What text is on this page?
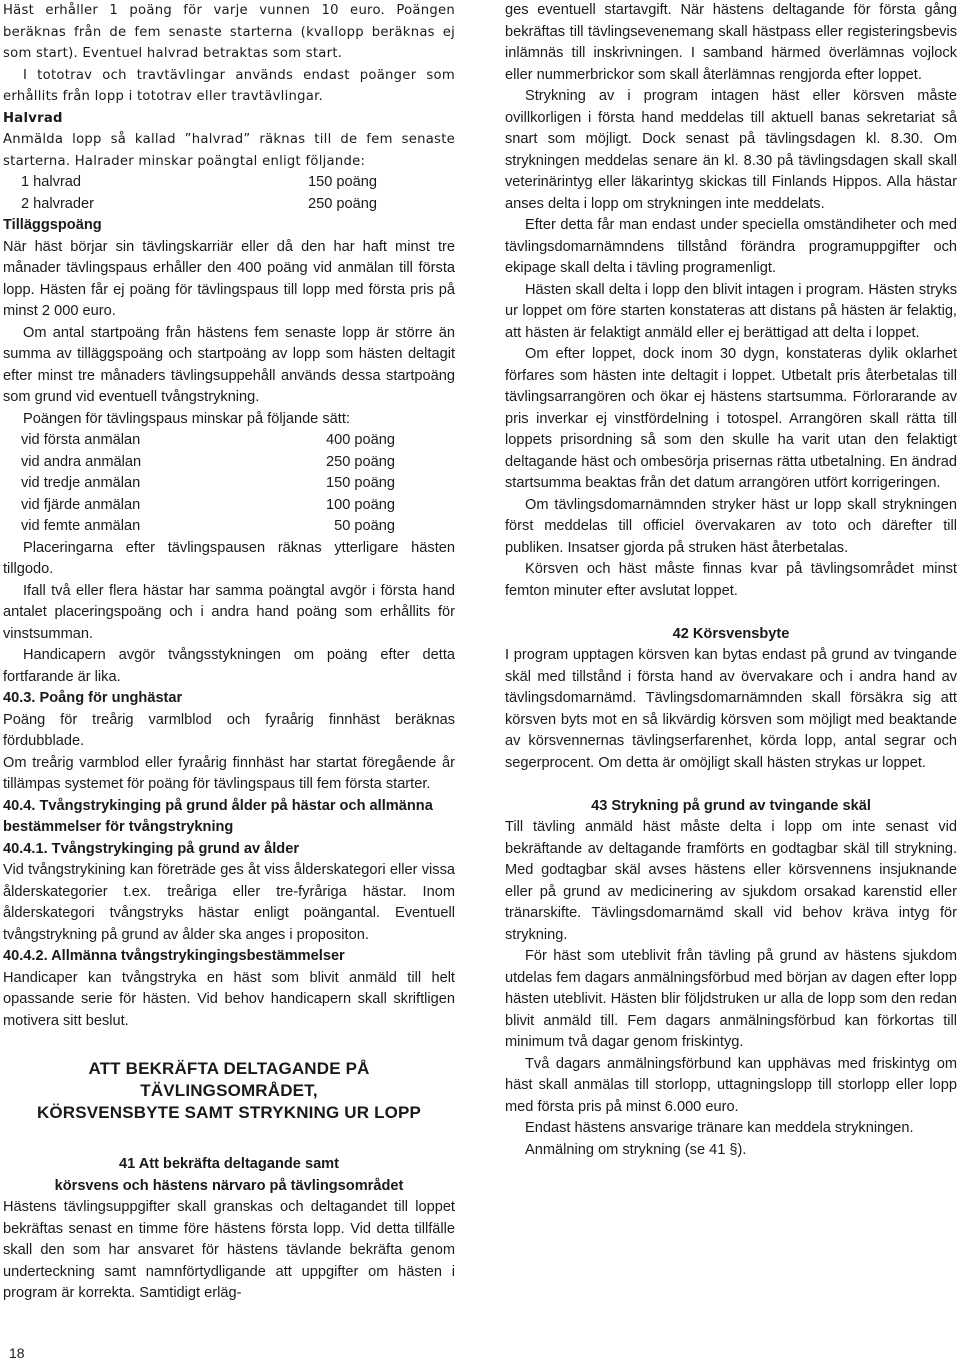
Häst erhåller 1 poäng för varje vunnen 10 euro. Poängen beräknas från de fem senaste starterna (kvallopp beräknas ej som start). Eventuel halvrad betraktas som start.

I tototrav och travtävlingar används endast poänger som erhållits från lopp i tototrav eller travtävlingar.

Halvrad

Anmälda lopp så kallad ”halvrad” räknas till de fem senaste starterna. Halrader minskar poängtal enligt följande:

1 halvrad	150 poäng
2 halvrader	250 poäng

Tilläggspoäng

När häst börjar sin tävlingskarriär eller då den har haft minst tre månader tävlingspaus erhåller den 400 poäng vid anmälan till första lopp. Hästen får ej poäng för tävlingspaus till lopp med första pris på minst 2 000 euro.

Om antal startpoäng från hästens fem senaste lopp är större än summa av tilläggspoäng och startpoäng av lopp som hästen deltagit efter minst tre månaders tävlingsuppehåll används dessa startpoäng som grund vid eventuell tvångstrykning.

Poängen för tävlingspaus minskar på följande sätt:

vid första anmälan	400 poäng
vid andra anmälan	250 poäng
vid tredje anmälan	150 poäng
vid fjärde anmälan	100 poäng
vid femte anmälan	50 poäng

Placeringarna efter tävlingspausen räknas ytterligare hästen tillgodo.

Ifall två eller flera hästar har samma poängtal avgör i första hand antalet placeringspoäng och i andra hand poäng som erhållits för vinstsumman.

Handicapern avgör tvångsstykningen om poäng efter detta fortfarande är lika.

40.3. Poång för unghästar

Poäng för treårig varmlblod och fyraårig finnhäst beräknas fördubblade.

Om treårig varmblod eller fyraårig finnhäst har startat föregående år tillämpas systemet för poäng för tävlingspaus till fem första starter.

40.4. Tvångstrykinging på grund ålder på hästar och allmänna bestämmelser för tvångstrykning

40.4.1. Tvångstrykinging på grund av ålder

Vid tvångstrykining kan företräde ges åt viss ålderskategori eller vissa ålderskategorier t.ex. treåriga eller tre-fyråriga hästar. Inom ålderskategori tvångstryks hästar enligt poängantal. Eventuell tvångstrykning på grund av ålder ska anges i propositon.

40.4.2. Allmänna tvångstrykingingsbestämmelser

Handicaper kan tvångstryka en häst som blivit anmäld till helt opassande serie för hästen. Vid behov handicapern skall skriftligen motivera sitt beslut.

ATT BEKRÄFTA DELTAGANDE PÅ TÄVLINGSOMRÅDET,

KÖRSVENSBYTE SAMT STRYKNING UR LOPP

41 Att bekräfta deltagande samt

körsvens och hästens närvaro på tävlingsområdet

Hästens tävlingsuppgifter skall granskas och deltagandet till loppet bekräftas senast en timme före hästens första lopp. Vid detta tillfälle skall den som har ansvaret för hästens tävlande bekräfta genom underteckning samt namnförtydligande att uppgifter om hästen i program är korrekta. Samtidigt erläg-

ges eventuell startavgift. När hästens deltagande för första gång bekräftas till tävlingsevenemang skall hästpass eller registeringsbevis inlämnäs till inskrivningen. I samband härmed överlämnas vojlock eller nummerbrickor som skall återlämnas rengjorda efter loppet.

Strykning av i program intagen häst eller körsven måste ovillkorligen i första hand meddelas till aktuell banas sekretariat så snart som möjligt. Dock senast på tävlingsdagen kl. 8.30. Om strykningen meddelas senare än kl. 8.30 på tävlingsdagen skall skall veterinärintyg eller läkarintyg skickas till Finlands Hippos. Alla hästar anses delta i lopp om strykningen inte meddelats.

Efter detta får man endast under speciella omständiheter och med tävlingsdomarnämndens tillstånd förändra programuppgifter och ekipage skall delta i tävling programenligt.

Hästen skall delta i lopp den blivit intagen i program. Hästen stryks ur loppet om före starten konstateras att distans på hästen är felaktig, att hästen är felaktigt anmäld eller ej berättigad att delta i loppet.

Om efter loppet, dock inom 30 dygn, konstateras dylik oklarhet förfares som hästen inte deltagit i loppet. Utbetalt pris återbetalas till tävlingsarrangören och ökar ej hästens startsumma. Förlorarande av pris inverkar ej vinstfördelning i totospel. Arrangören skall rätta till loppets prisordning så som den skulle ha varit utan den felaktigt deltagande häst och ombesörja prisernas rätta utbetalning. En ändrad startsumma beaktas från det datum arrangören utfört korrigeringen.

Om tävlingsdomarnämnden stryker häst ur lopp skall strykningen först meddelas till officiel övervakaren av toto och därefter till publiken. Insatser gjorda på struken häst återbetalas.

Körsven och häst måste finnas kvar på tävlingsområdet minst femton minuter efter avslutat loppet.

42 Körsvensbyte

I program upptagen körsven kan bytas endast på grund av tvingande skäl med tillstånd i första hand av övervakare och i andra hand av tävlingsdomarnämd. Tävlingsdomarnämnden skall försäkra sig att körsven byts mot en så likvärdig körsven som möjligt med beaktande av körsvennernas tävlingserfarenhet, körda lopp, antal segrar och segerprocent. Om detta är omöjligt skall hästen strykas ur loppet.

43 Strykning på grund av tvingande skäl

Till tävling anmäld häst måste delta i lopp om inte senast vid bekräftande av deltagande framförts en godtagbar skäl till strykning. Med godtagbar skäl avses hästens eller körsvennens insjuknande eller på grund av medicinering av sjukdom orsakad karenstid eller tränarskifte. Tävlingsdomarnämd skall vid behov kräva intyg för strykning.

För häst som uteblivit från tävling på grund av hästens sjukdom utdelas fem dagars anmälningsförbud med början av dagen efter lopp hästen uteblivit. Hästen blir följdstruken ur alla de lopp som den redan blivit anmäld till. Fem dagars anmälningsförbud kan förkortas till minimum två dagar genom friskintyg.

Två dagars anmälningsförbund kan upphävas med friskintyg om häst skall anmälas till storlopp, uttagningslopp till storlopp eller lopp med första pris på minst 6.000 euro.

Endast hästens ansvarige tränare kan meddela strykningen.

Anmälning om strykning (se 41 §).

18
